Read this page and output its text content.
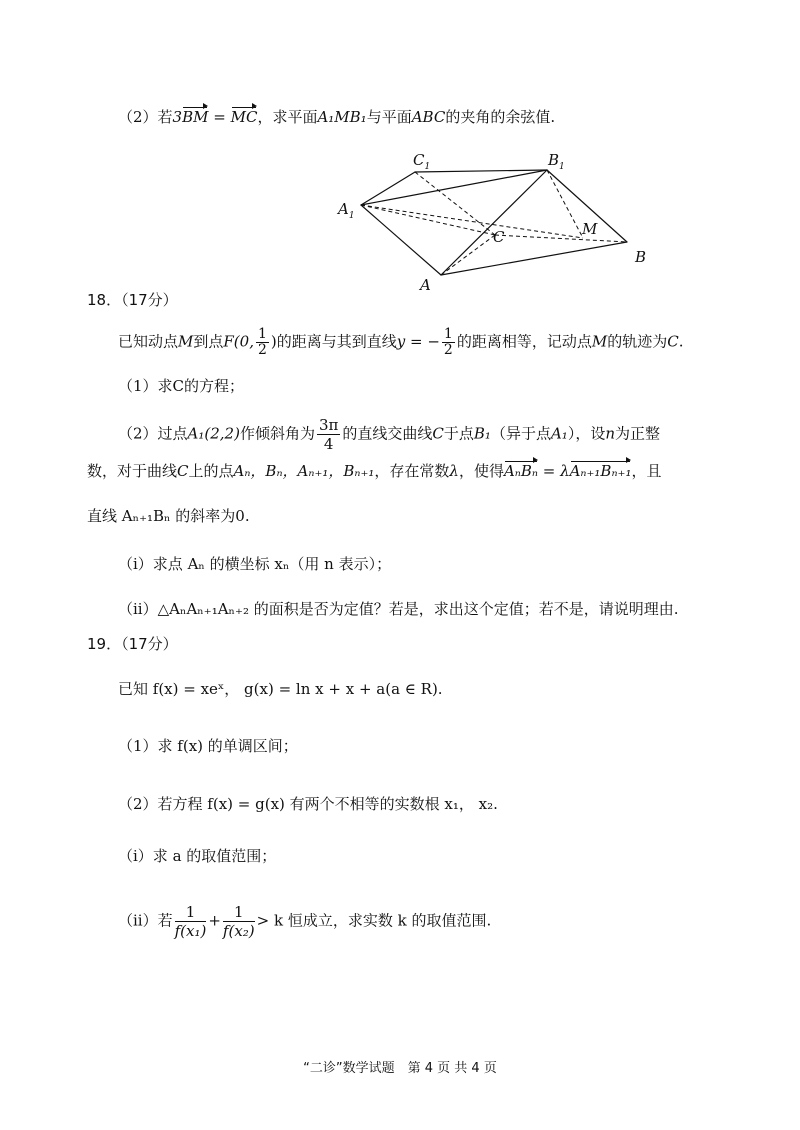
（2）若3BM = MC，求平面A₁MB₁与平面ABC的夹角的余弦值.
$C_1$	$B_1$
$A_1$
C	M
B
A
18．（17分）
已知动点M到点F(0, $\frac{1}{2}$ )的距离与其到直线y = − $\frac{1}{2}$ 的距离相等，记动点M的轨迹为C.
（1）求C的方程；
（2）过点A₁(2,2)作倾斜角为 $\frac{3\pi}{4}$ 的直线交曲线C于点B₁（异于点A₁），设n为正整
数，对于曲线C上的点Aₙ，Bₙ，Aₙ₊₁，Bₙ₊₁，存在常数λ，使得AₙBₙ = λAₙ₊₁Bₙ₊₁，且
直线 Aₙ₊₁Bₙ 的斜率为0.
（i）求点 Aₙ 的横坐标 xₙ（用 n 表示）；
（ii）△AₙAₙ₊₁Aₙ₊₂ 的面积是否为定值？若是，求出这个定值；若不是，请说明理由.
19．（17分）
已知 f(x) = xeˣ， g(x) = ln x + x + a(a ∈ R).
（1）求 f(x) 的单调区间；
（2）若方程 f(x) = g(x) 有两个不相等的实数根 x₁， x₂.
（i）求 a 的取值范围；
（ii）若 $\frac{1}{\text{f(x₁)}} + \frac{1}{\text{f(x₂)}} > k$ 恒成立，求实数 k 的取值范围.
“二诊”数学试题　第 4 页 共 4 页
